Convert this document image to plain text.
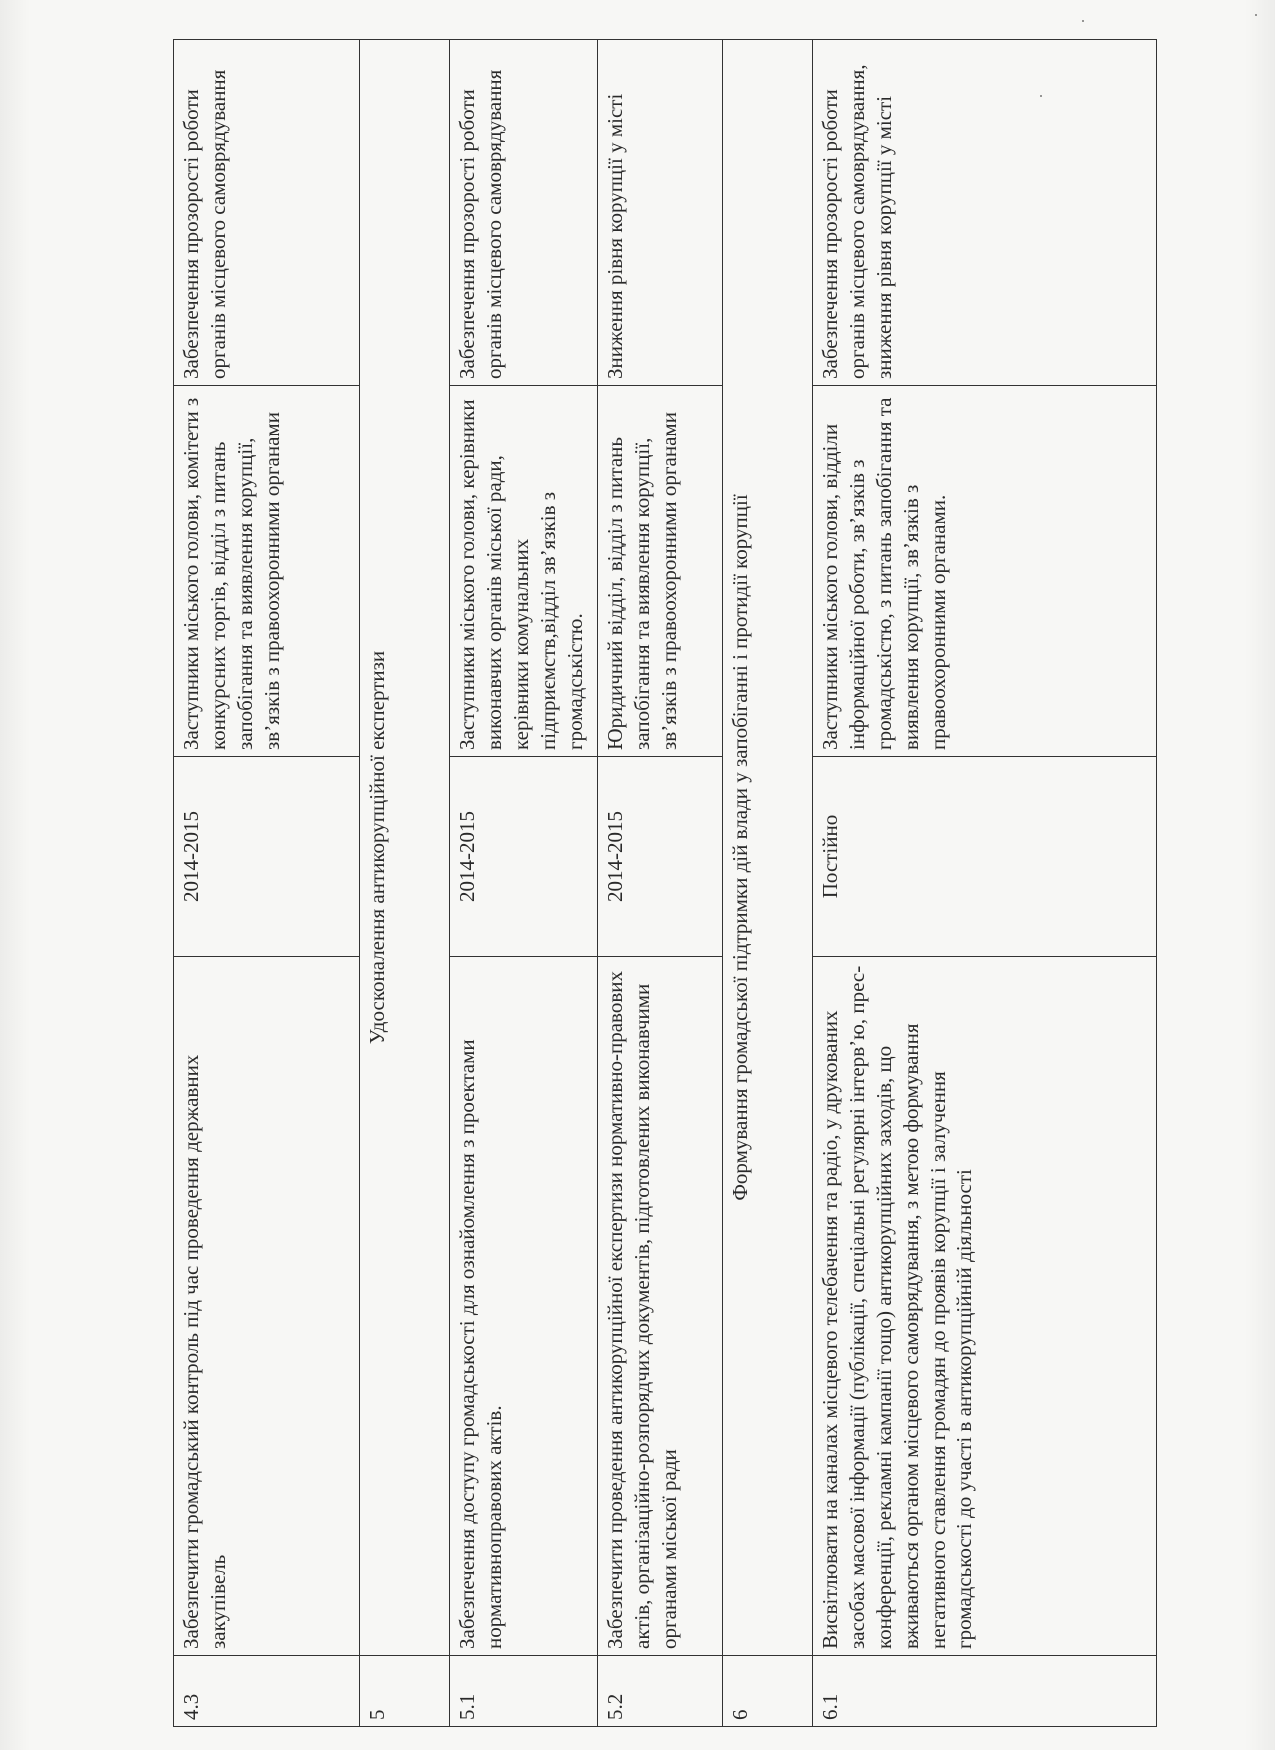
4.3	Забезпечити громадський контроль під час проведення державних закупівель	2014-2015	Заступники міського голови, комітети з конкурсних торгів, відділ з питань запобігання та виявлення корупції, зв’язків з правоохоронними органами	Забезпечення прозорості роботи органів місцевого самоврядування
5	Удосконалення антикорупційної експертизи			
5.1	Забезпечення доступу громадськості для ознайомлення з проектами нормативноправових актів.	2014-2015	Заступники міського голови, керівники виконавчих органів міської ради, керівники комунальних підприємств,відділ зв’язків з громадськістю.	Забезпечення прозорості роботи органів місцевого самоврядування
5.2	Забезпечити проведення антикорупційної експертизи нормативно-правових актів, організаційно-розпорядчих документів, підготовлених виконавчими органами міської ради	2014-2015	Юридичний відділ, відділ з питань запобігання та виявлення корупції, зв’язків з правоохоронними органами	Зниження рівня корупції у місті
6	Формування громадської підтримки дій влади у запобіганні і протидії корупції			
6.1	Висвітлювати на каналах місцевого телебачення та радіо, у друкованих засобах масової інформації (публікації, спеціальні регулярні інтерв’ю, прес-конференції, рекламні кампанії тощо) антикорупційних заходів, що вживаються органом місцевого самоврядування, з метою формування негативного ставлення громадян до проявів корупції і залучення громадськості до участі в антикорупційній діяльності	Постійно	Заступники міського голови, відділи інформаційної роботи, зв’язків з громадськістю, з питань запобігання та виявлення корупції, зв’язків з правоохоронними органами.	Забезпечення прозорості роботи органів місцевого самоврядування, зниження рівня корупції у місті
